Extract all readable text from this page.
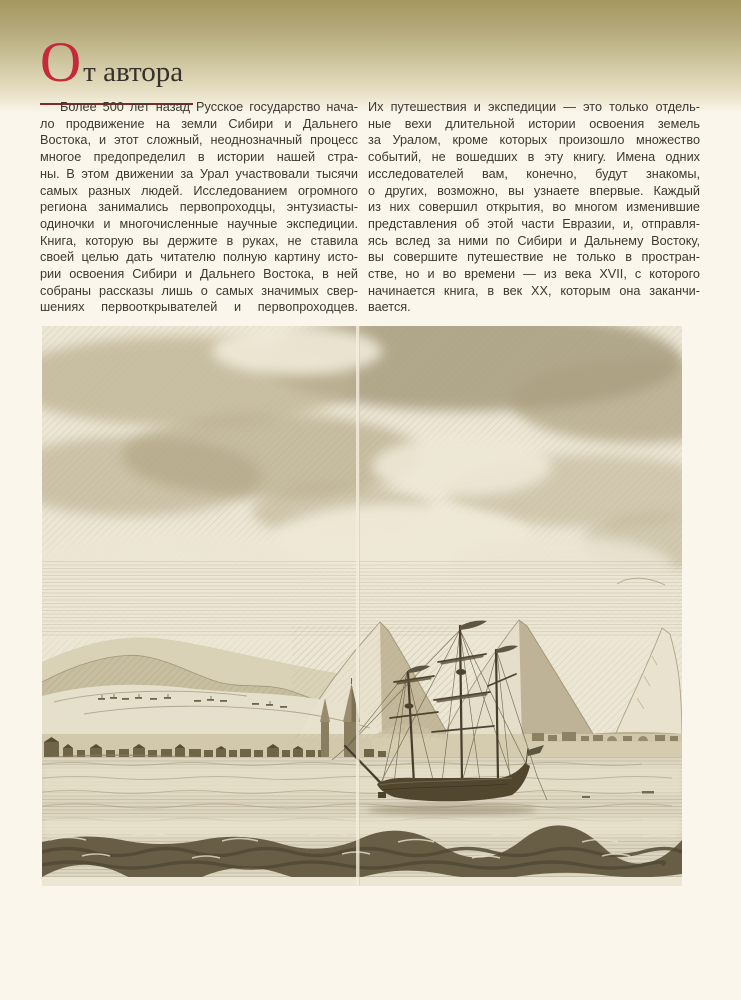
От автора
Более 500 лет назад Русское государство нача-
ло продвижение на земли Сибири и Дальнего
Востока, и этот сложный, неоднозначный процесс
многое предопределил в истории нашей стра-
ны. В этом движении за Урал участвовали тысячи
самых разных людей. Исследованием огромного
региона занимались первопроходцы, энтузиасты-
одиночки и многочисленные научные экспедиции.
Книга, которую вы держите в руках, не ставила
своей целью дать читателю полную картину исто-
рии освоения Сибири и Дальнего Востока, в ней
собраны рассказы лишь о самых значимых свер-
шениях первооткрывателей и первопроходцев.
Их путешествия и экспедиции — это только отдель-
ные вехи длительной истории освоения земель
за Уралом, кроме которых произошло множество
событий, не вошедших в эту книгу. Имена одних
исследователей вам, конечно, будут знакомы,
о других, возможно, вы узнаете впервые. Каждый
из них совершил открытия, во многом изменившие
представления об этой части Евразии, и, отправля-
ясь вслед за ними по Сибири и Дальнему Востоку,
вы совершите путешествие не только в простран-
стве, но и во времени — из века XVII, с которого
начинается книга, в век XX, которым она заканчи-
вается.
